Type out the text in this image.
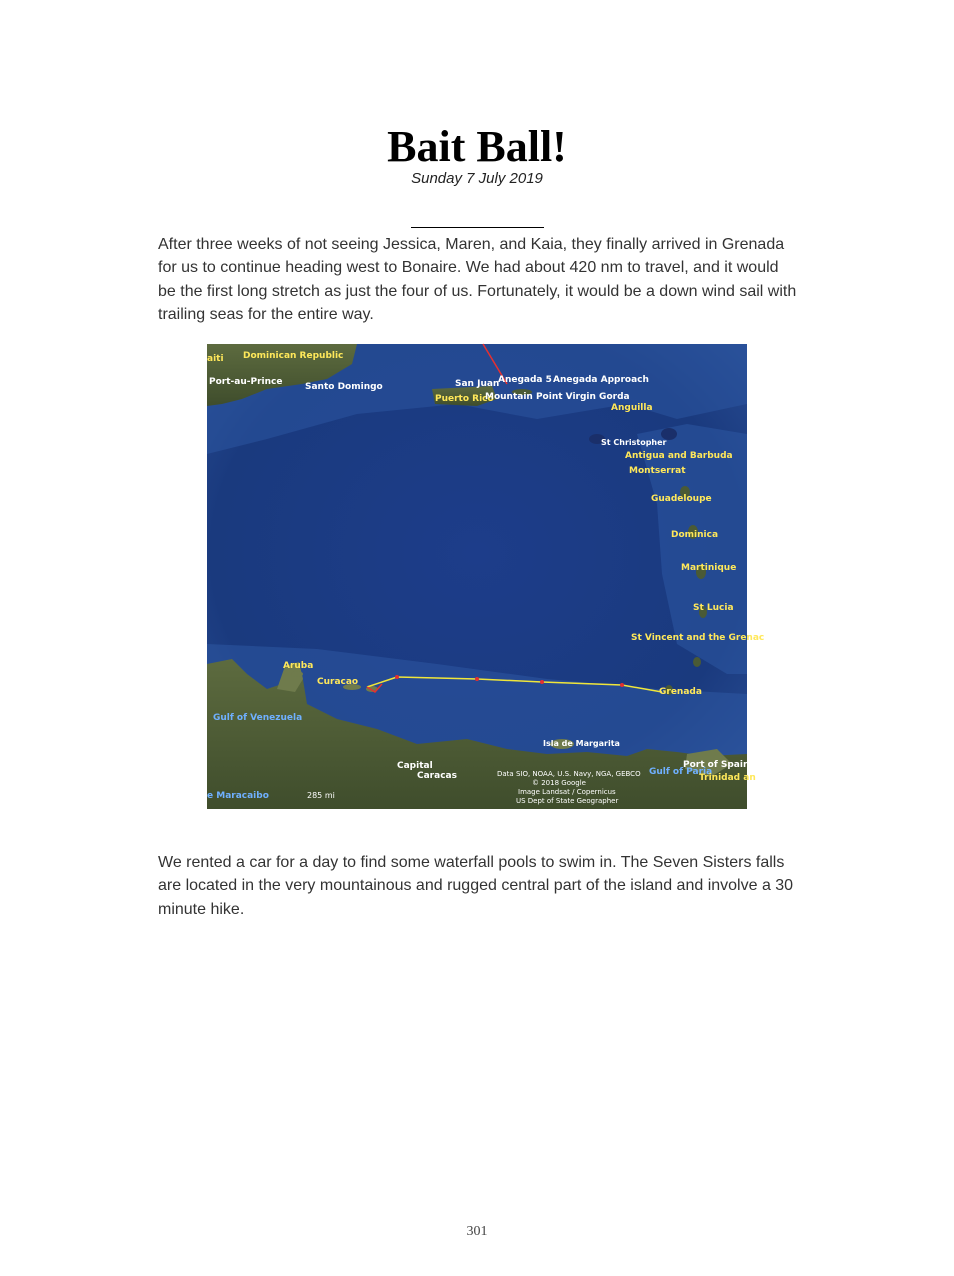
Bait Ball!
Sunday 7 July 2019

After three weeks of not seeing Jessica, Maren, and Kaia, they finally arrived in Grenada for us to continue heading west to Bonaire. We had about 420 nm to travel, and it would be the first long stretch as just the four of us. Fortunately, it would be a down wind sail with trailing seas for the entire way.

aiti Dominican Republic
Port-au-Prince	Santo Domingo	San Juan
Puerto Rico
Anegada 5 Anegada Approach
Mountain Point Virgin Gorda
Anguilla
St Christopher
Antigua and Barbuda
Montserrat
Guadeloupe
Dominica
Martinique
St Lucia
St Vincent and the Grenac
Aruba
Curacao
Grenada
Gulf of Venezuela
Isla de Margarita
Capital
Caracas
Port of Spain
Gulf of Paria
Trinidad an
e Maracaibo	285 mi
Data SIO, NOAA, U.S. Navy, NGA, GEBCO
© 2018 Google
Image Landsat / Copernicus
US Dept of State Geographer

We rented a car for a day to find some waterfall pools to swim in. The Seven Sisters falls are located in the very mountainous and rugged central part of the island and involve a 30 minute hike.

301
